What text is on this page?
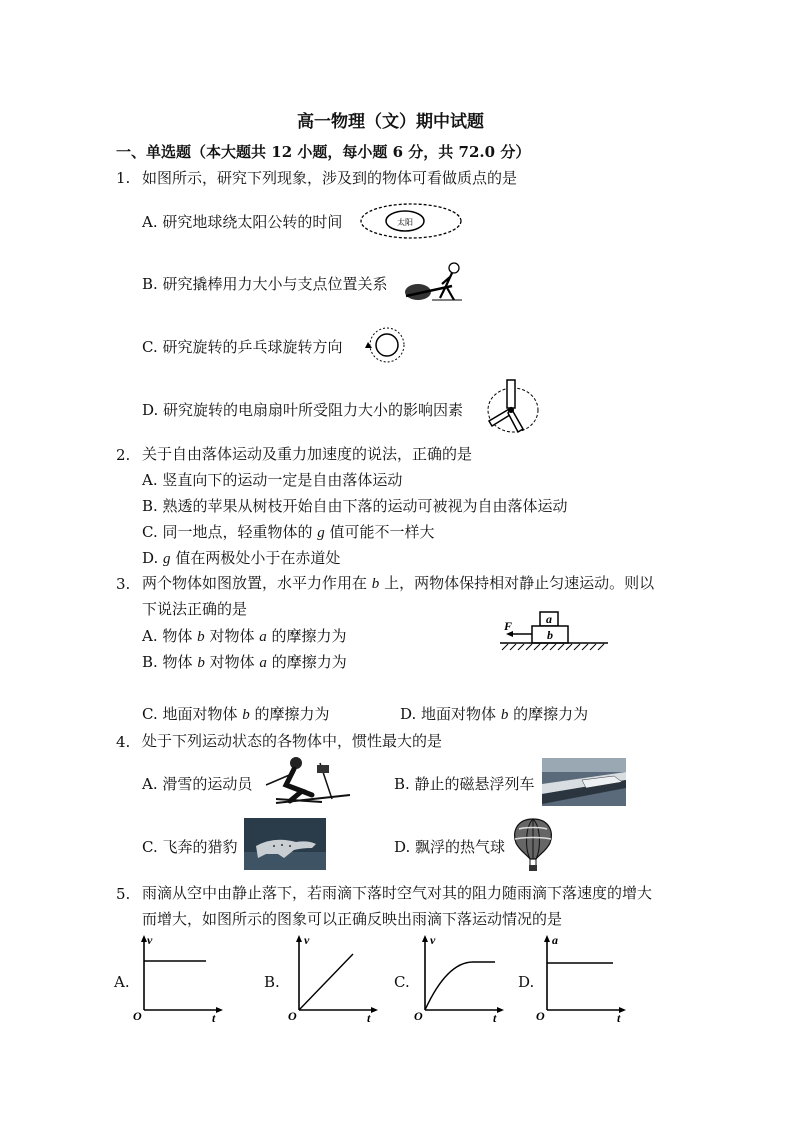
高一物理（文）期中试题
一、单选题（本大题共 12 小题，每小题 6 分，共 72.0 分）
1. 如图所示，研究下列现象，涉及到的物体可看做质点的是
A. 研究地球绕太阳公转的时间	太阳
B. 研究撬棒用力大小与支点位置关系
C. 研究旋转的乒乓球旋转方向
D. 研究旋转的电扇扇叶所受阻力大小的影响因素
2. 关于自由落体运动及重力加速度的说法，正确的是
A. 竖直向下的运动一定是自由落体运动
B. 熟透的苹果从树枝开始自由下落的运动可被视为自由落体运动
C. 同一地点，轻重物体的 g 值可能不一样大
D. g 值在两极处小于在赤道处
3. 两个物体如图放置，水平力作用在 b 上，两物体保持相对静止匀速运动。则以
下说法正确的是
A. 物体 b 对物体 a 的摩擦力为
B. 物体 b 对物体 a 的摩擦力为
C. 地面对物体 b 的摩擦力为	D. 地面对物体 b 的摩擦力为
F	a
b
4. 处于下列运动状态的各物体中，惯性最大的是
A. 滑雪的运动员	B. 静止的磁悬浮列车
C. 飞奔的猎豹	D. 飘浮的热气球
5. 雨滴从空中由静止落下，若雨滴下落时空气对其的阻力随雨滴下落速度的增大
而增大，如图所示的图象可以正确反映出雨滴下落运动情况的是
A.
v
t
O
B.
v
t
O
C.
v
t
O
D.
a
t
O
